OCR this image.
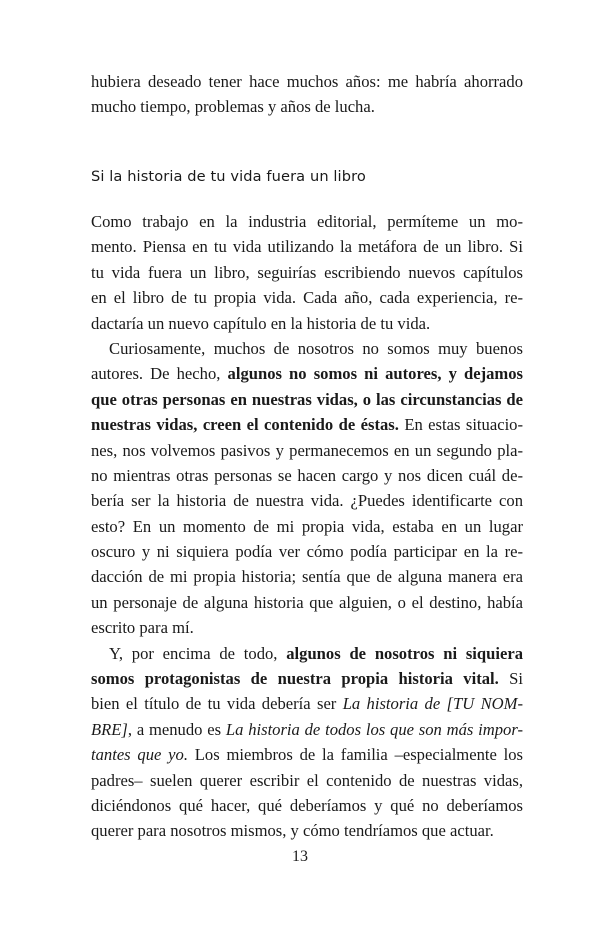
hubiera deseado tener hace muchos años: me habría ahorrado
mucho tiempo, problemas y años de lucha.
Si la historia de tu vida fuera un libro
Como trabajo en la industria editorial, permíteme un mo-
mento. Piensa en tu vida utilizando la metáfora de un libro. Si
tu vida fuera un libro, seguirías escribiendo nuevos capítulos
en el libro de tu propia vida. Cada año, cada experiencia, re-
dactaría un nuevo capítulo en la historia de tu vida.
Curiosamente, muchos de nosotros no somos muy buenos
autores. De hecho, algunos no somos ni autores, y dejamos
que otras personas en nuestras vidas, o las circunstancias de
nuestras vidas, creen el contenido de éstas. En estas situacio-
nes, nos volvemos pasivos y permanecemos en un segundo pla-
no mientras otras personas se hacen cargo y nos dicen cuál de-
bería ser la historia de nuestra vida. ¿Puedes identificarte con
esto? En un momento de mi propia vida, estaba en un lugar
oscuro y ni siquiera podía ver cómo podía participar en la re-
dacción de mi propia historia; sentía que de alguna manera era
un personaje de alguna historia que alguien, o el destino, había
escrito para mí.
Y, por encima de todo, algunos de nosotros ni siquiera
somos protagonistas de nuestra propia historia vital. Si
bien el título de tu vida debería ser La historia de [TU NOM-
BRE], a menudo es La historia de todos los que son más impor-
tantes que yo. Los miembros de la familia –especialmente los
padres– suelen querer escribir el contenido de nuestras vidas,
diciéndonos qué hacer, qué deberíamos y qué no deberíamos
querer para nosotros mismos, y cómo tendríamos que actuar.
13
